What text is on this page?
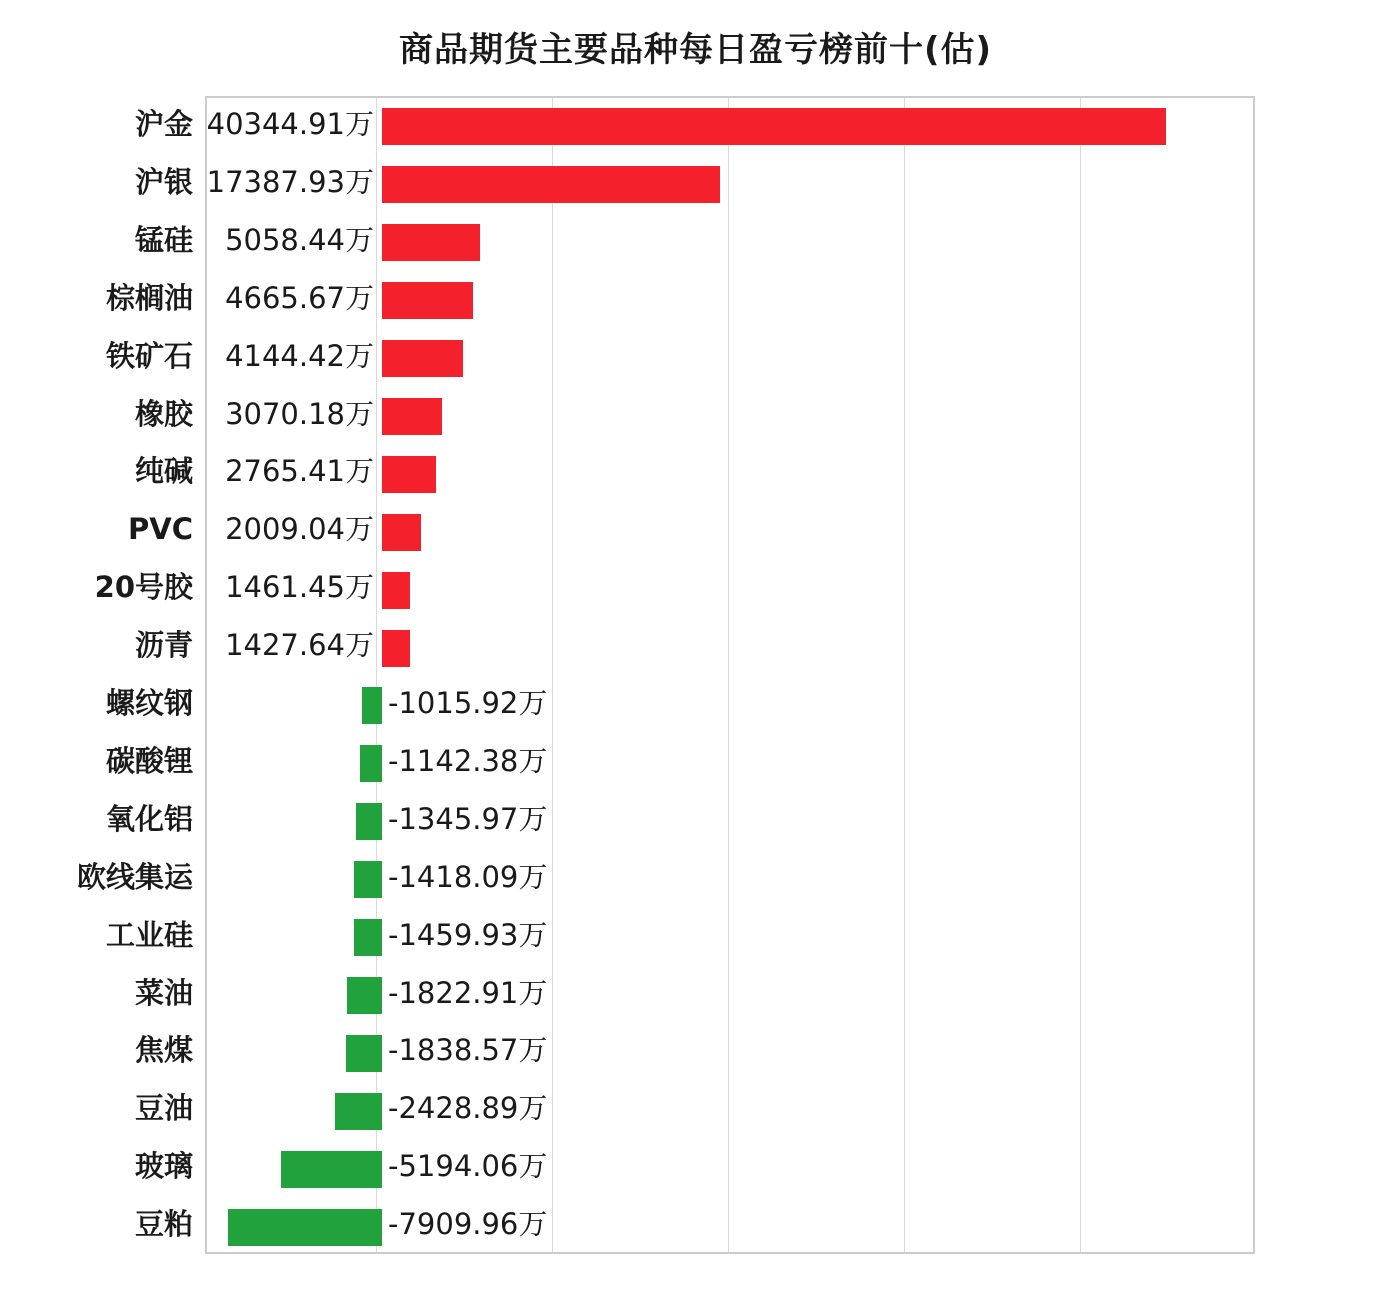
商品期货主要品种每日盈亏榜前十(估)
沪金 40344.91万
沪银 17387.93万
锰硅	5058.44万
棕榈油	4665.67万
铁矿石	4144.42万
橡胶	3070.18万
纯碱	2765.41万
PVC	2009.04万
20号胶	1461.45万
沥青	1427.64万
螺纹钢	-1015.92万
碳酸锂	-1142.38万
氧化铝	-1345.97万
欧线集运	-1418.09万
工业硅	-1459.93万
菜油	-1822.91万
焦煤	-1838.57万
豆油	-2428.89万
玻璃	-5194.06万
豆粕	-7909.96万
